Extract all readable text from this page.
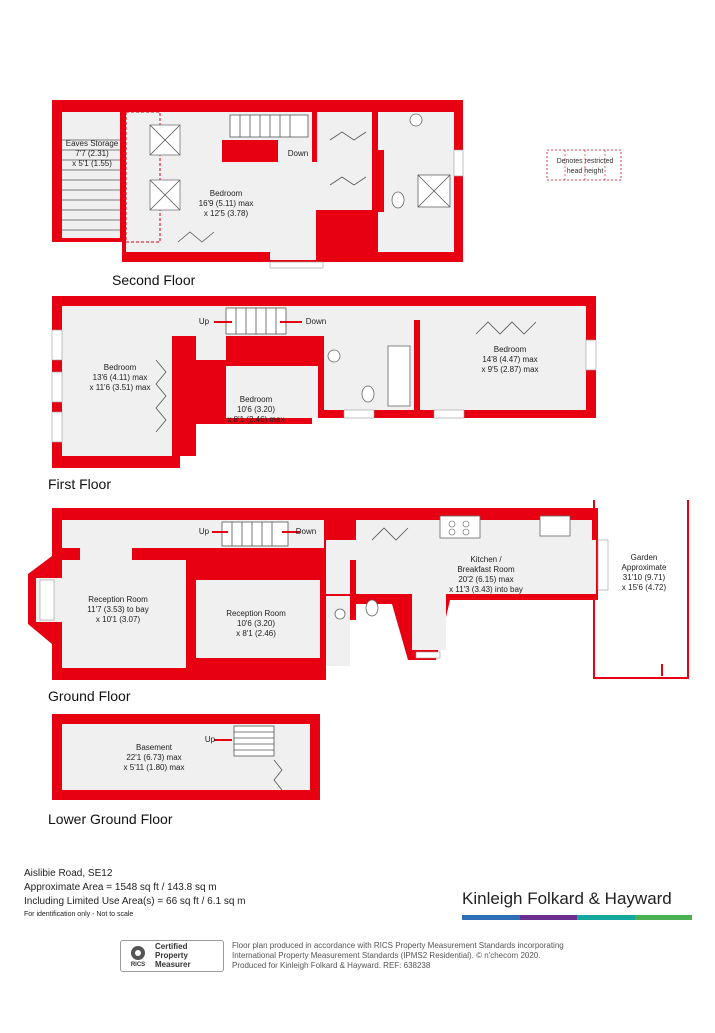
Eaves Storage
7'7 (2.31)
x 5'1 (1.55)
Bedroom
16'9 (5.11) max
x 12'5 (3.78)
Down
Second Floor
Denotes restricted
head height
Up	Down
Bedroom
13'6 (4.11) max
x 11'6 (3.51) max
Bedroom
10'6 (3.20)
x 8'1 (2.46) max
Bedroom
14'8 (4.47) max
x 9'5 (2.87) max
First Floor
Up	Down
Reception Room
11'7 (3.53) to bay
x 10'1 (3.07)
Reception Room
10'6 (3.20)
x 8'1 (2.46)
Kitchen /
Breakfast Room
20'2 (6.15) max
x 11'3 (3.43) into bay
Garden
Approximate
31'10 (9.71)
x 15'6 (4.72)
Ground Floor
Up
Basement
22'1 (6.73) max
x 5'11 (1.80) max
Lower Ground Floor
Aislibie Road, SE12
Approximate Area = 1548 sq ft / 143.8 sq m
Including Limited Use Area(s) = 66 sq ft / 6.1 sq m
For identification only - Not to scale
Kinleigh Folkard & Hayward
RICS
Certified
Property
Measurer
Floor plan produced in accordance with RICS Property Measurement Standards incorporating
International Property Measurement Standards (IPMS2 Residential). © n'checom 2020.
Produced for Kinleigh Folkard & Hayward. REF: 638238
